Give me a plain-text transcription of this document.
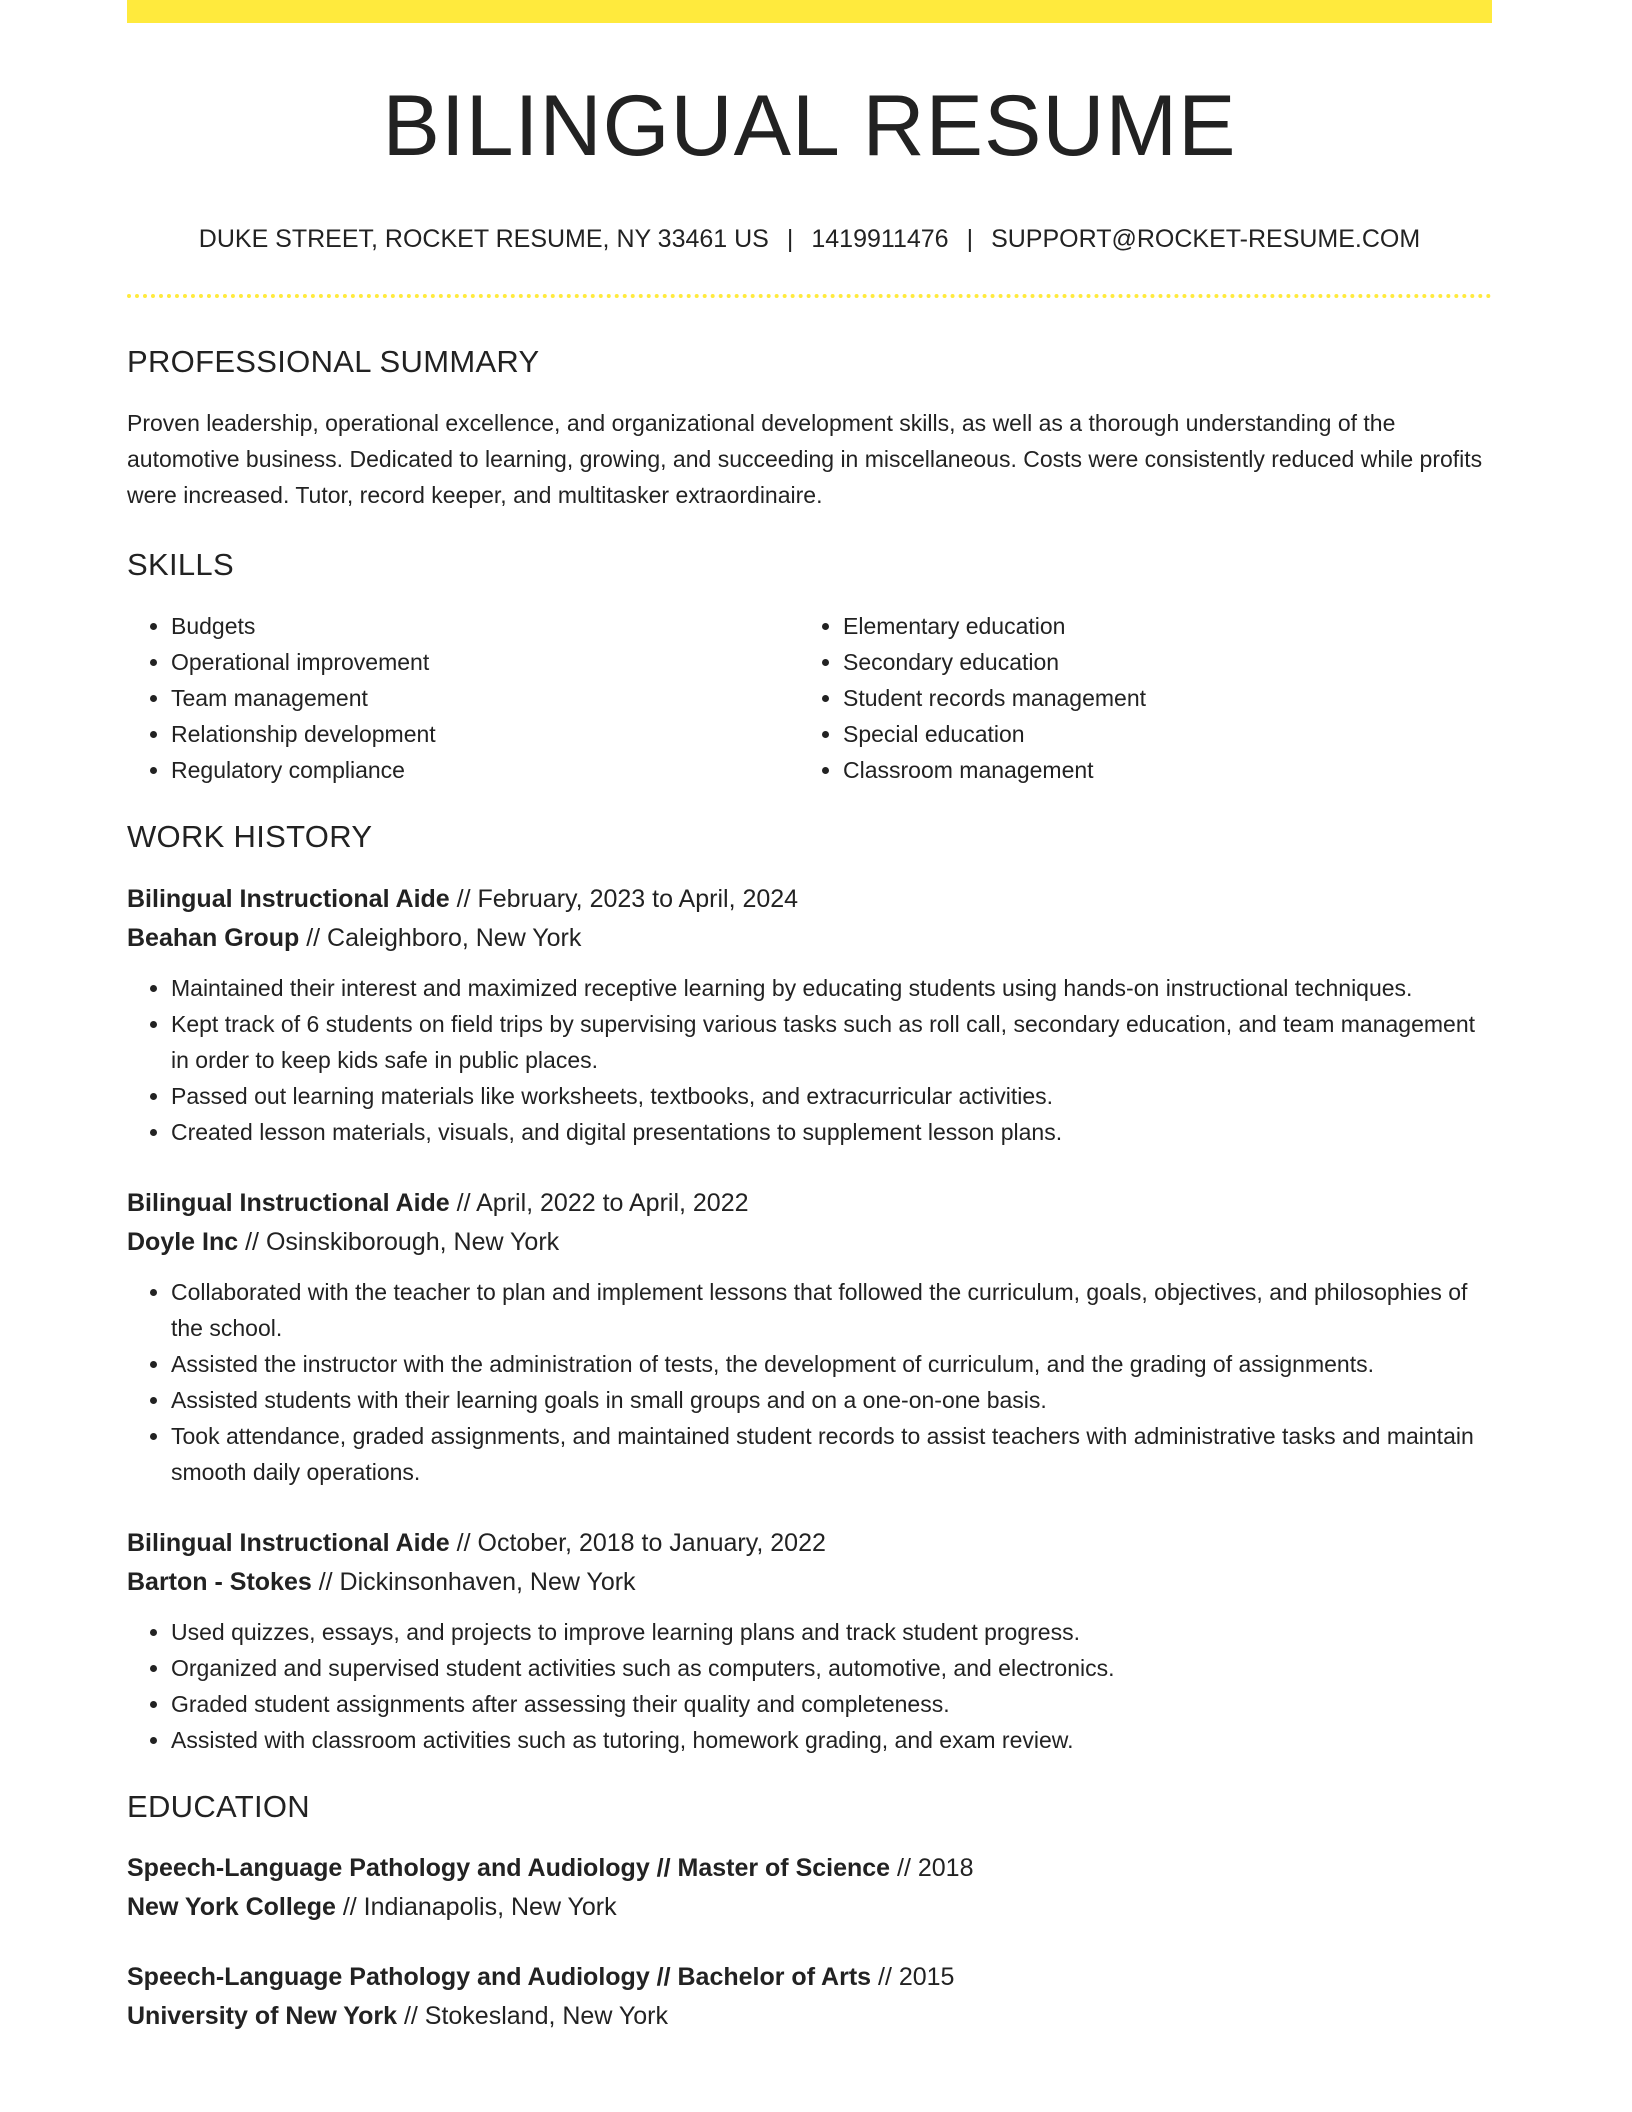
BILINGUAL RESUME
DUKE STREET, ROCKET RESUME, NY 33461 US | 1419911476 | SUPPORT@ROCKET-RESUME.COM
PROFESSIONAL SUMMARY
Proven leadership, operational excellence, and organizational development skills, as well as a thorough understanding of the automotive business. Dedicated to learning, growing, and succeeding in miscellaneous. Costs were consistently reduced while profits were increased. Tutor, record keeper, and multitasker extraordinaire.
SKILLS
• Budgets
• Operational improvement
• Team management
• Relationship development
• Regulatory compliance
• Elementary education
• Secondary education
• Student records management
• Special education
• Classroom management
WORK HISTORY
Bilingual Instructional Aide // February, 2023 to April, 2024
Beahan Group // Caleighboro, New York
• Maintained their interest and maximized receptive learning by educating students using hands-on instructional techniques.
• Kept track of 6 students on field trips by supervising various tasks such as roll call, secondary education, and team management in order to keep kids safe in public places.
• Passed out learning materials like worksheets, textbooks, and extracurricular activities.
• Created lesson materials, visuals, and digital presentations to supplement lesson plans.
Bilingual Instructional Aide // April, 2022 to April, 2022
Doyle Inc // Osinskiborough, New York
• Collaborated with the teacher to plan and implement lessons that followed the curriculum, goals, objectives, and philosophies of the school.
• Assisted the instructor with the administration of tests, the development of curriculum, and the grading of assignments.
• Assisted students with their learning goals in small groups and on a one-on-one basis.
• Took attendance, graded assignments, and maintained student records to assist teachers with administrative tasks and maintain smooth daily operations.
Bilingual Instructional Aide // October, 2018 to January, 2022
Barton - Stokes // Dickinsonhaven, New York
• Used quizzes, essays, and projects to improve learning plans and track student progress.
• Organized and supervised student activities such as computers, automotive, and electronics.
• Graded student assignments after assessing their quality and completeness.
• Assisted with classroom activities such as tutoring, homework grading, and exam review.
EDUCATION
Speech-Language Pathology and Audiology // Master of Science // 2018
New York College // Indianapolis, New York
Speech-Language Pathology and Audiology // Bachelor of Arts // 2015
University of New York // Stokesland, New York
